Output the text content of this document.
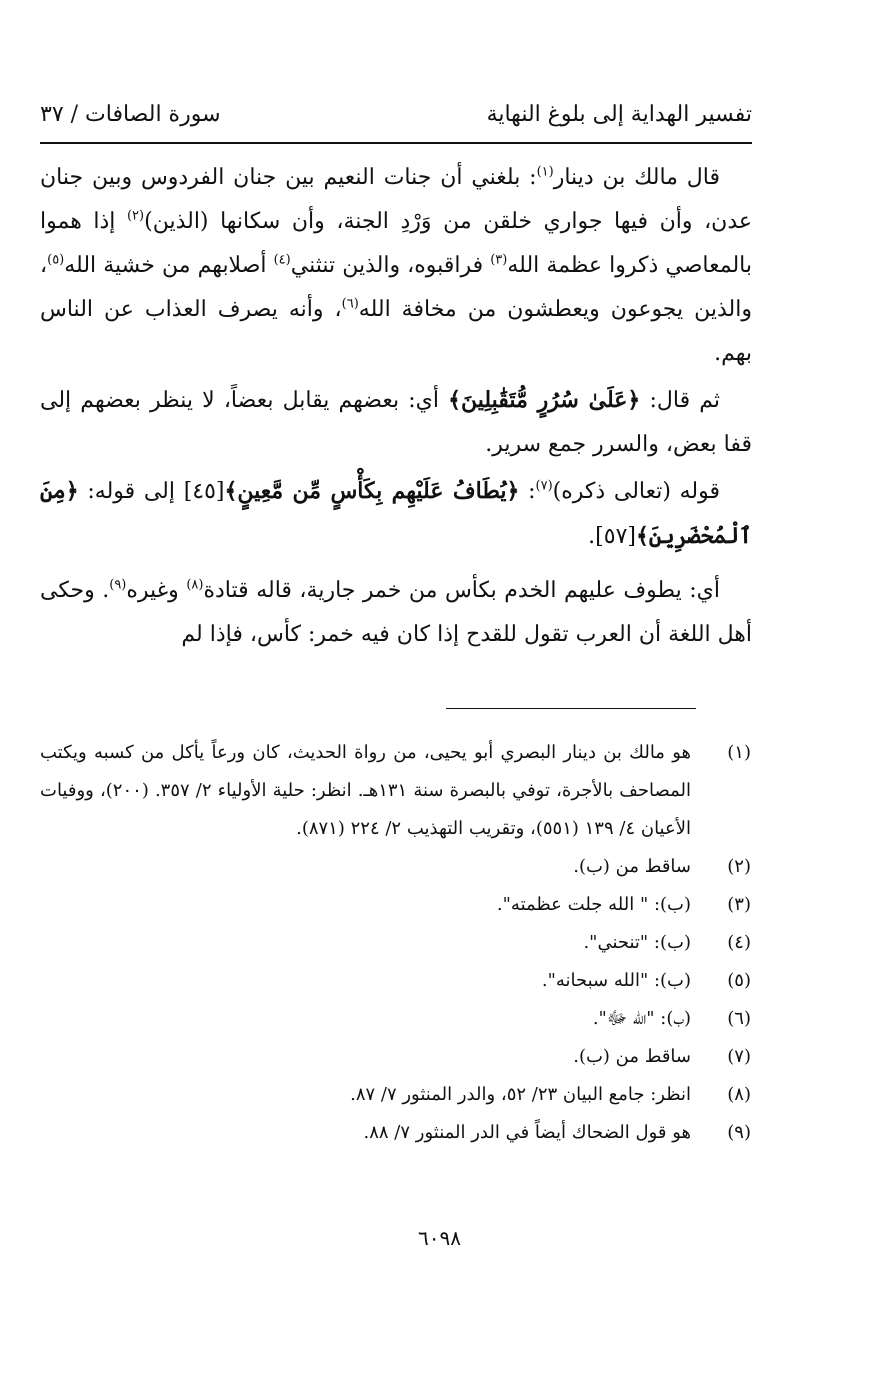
تفسير الهداية إلى بلوغ النهاية
سورة الصافات / ٣٧

قال مالك بن دينار$^{(١)}$: بلغني أن جنات النعيم بين جنان الفردوس وبين جنان عدن، وأن فيها جواري خلقن من وَرْدِ الجنة، وأن سكانها (الذين)$^{(٢)}$ إذا هموا بالمعاصي ذكروا عظمة الله$^{(٣)}$ فراقبوه، والذين تنثني$^{(٤)}$ أصلابهم من خشية الله$^{(٥)}$، والذين يجوعون ويعطشون من مخافة الله$^{(٦)}$، وأنه يصرف العذاب عن الناس بهم.

ثم قال: ﴿عَلَىٰ سُرُرٍ مُّتَقَٰبِلِينَ﴾ أي: بعضهم يقابل بعضاً، لا ينظر بعضهم إلى قفا بعض، والسرر جمع سرير.

قوله (تعالى ذكره)$^{(٧)}$: ﴿يُطَافُ عَلَيْهِم بِكَأْسٍ مِّن مَّعِينٍ﴾[٤٥] إلى قوله: ﴿مِنَ ٱلْمُحْضَرِينَ﴾[٥٧].

أي: يطوف عليهم الخدم بكأس من خمر جارية، قاله قتادة$^{(٨)}$ وغيره$^{(٩)}$. وحكى أهل اللغة أن العرب تقول للقدح إذا كان فيه خمر: كأس، فإذا لم

(١)
هو مالك بن دينار البصري أبو يحيى، من رواة الحديث، كان ورعاً يأكل من كسبه ويكتب المصاحف بالأجرة، توفي بالبصرة سنة ١٣١هـ. انظر: حلية الأولياء ٢/ ٣٥٧. (٢٠٠)، ووفيات الأعيان ٤/ ١٣٩ (٥٥١)، وتقريب التهذيب ٢/ ٢٢٤ (٨٧١).
(٢)
ساقط من (ب).
(٣)
(ب): " الله جلت عظمته".
(٤)
(ب): "تنحني".
(٥)
(ب): "الله سبحانه".
(٦)
(ب): "الله ﷻ".
(٧)
ساقط من (ب).
(٨)
انظر: جامع البيان ٢٣/ ٥٢، والدر المنثور ٧/ ٨٧.
(٩)
هو قول الضحاك أيضاً في الدر المنثور ٧/ ٨٨.
٦٠٩٨
